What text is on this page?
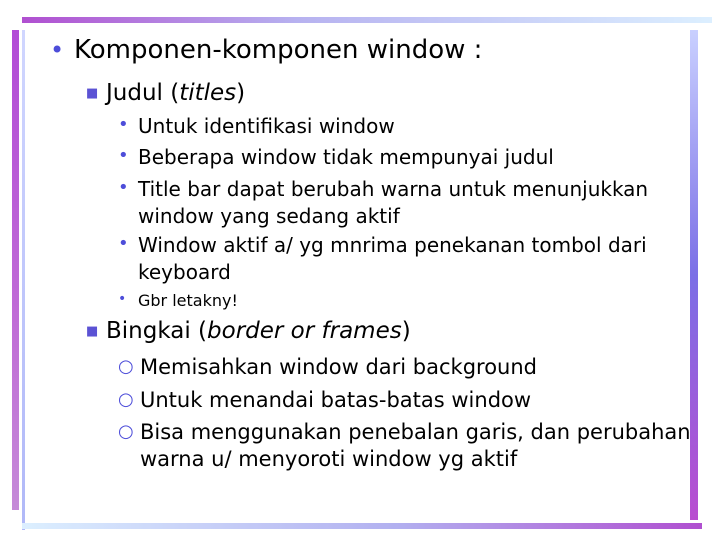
• Komponen-komponen window :
■ Judul (titles)
• Untuk identifikasi window
• Beberapa window tidak mempunyai judul
• Title bar dapat berubah warna untuk menunjukkan
window yang sedang aktif
• Window aktif a/ yg mnrima penekanan tombol dari
keyboard
• Gbr letakny!
■ Bingkai (border or frames)
○ Memisahkan window dari background
○ Untuk menandai batas-batas window
○ Bisa menggunakan penebalan garis, dan perubahan
warna u/ menyoroti window yg aktif
